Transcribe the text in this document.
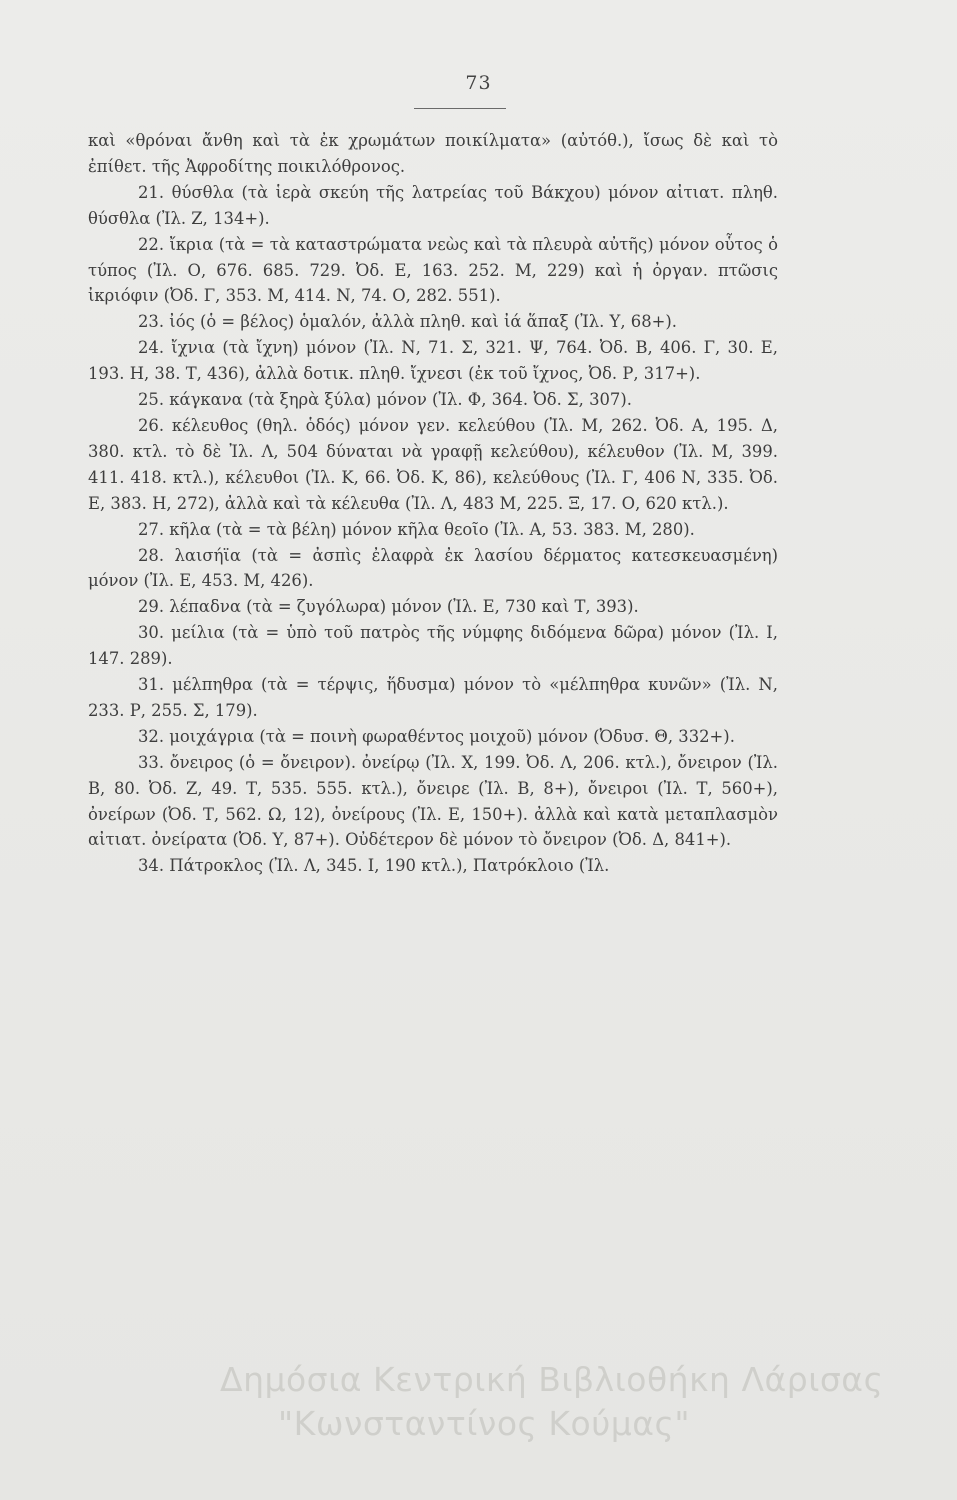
73

καὶ «θρόναι ἄνθη καὶ τὰ ἐκ χρωμάτων ποικίλματα» (αὐτόθ.), ἴσως δὲ καὶ τὸ ἐπίθετ. τῆς Ἀφροδίτης ποικιλόθρονος.

21. θύσθλα (τὰ ἱερὰ σκεύη τῆς λατρείας τοῦ Βάκχου) μόνον αἰτιατ. πληθ. θύσθλα (Ἰλ. Ζ, 134+).

22. ἴκρια (τὰ = τὰ καταστρώματα νεὼς καὶ τὰ πλευρὰ αὐτῆς) μόνον οὗτος ὁ τύπος (Ἰλ. Ο, 676. 685. 729. Ὀδ. Ε, 163. 252. Μ, 229) καὶ ἡ ὀργαν. πτῶσις ἰκριόφιν (Ὀδ. Γ, 353. Μ, 414. Ν, 74. Ο, 282. 551).

23. ἰός (ὁ = βέλος) ὁμαλόν, ἀλλὰ πληθ. καὶ ἰά ἅπαξ (Ἰλ. Υ, 68+).

24. ἴχνια (τὰ ἴχνη) μόνον (Ἰλ. Ν, 71. Σ, 321. Ψ, 764. Ὀδ. Β, 406. Γ, 30. Ε, 193. Η, 38. Τ, 436), ἀλλὰ δοτικ. πληθ. ἴχνεσι (ἐκ τοῦ ἴχνος, Ὀδ. Ρ, 317+).

25. κάγκανα (τὰ ξηρὰ ξύλα) μόνον (Ἰλ. Φ, 364. Ὀδ. Σ, 307).

26. κέλευθος (θηλ. ὁδός) μόνον γεν. κελεύθου (Ἰλ. Μ, 262. Ὀδ. Α, 195. Δ, 380. κτλ. τὸ δὲ Ἰλ. Λ, 504 δύναται νὰ γραφῇ κελεύθου), κέλευθον (Ἰλ. Μ, 399. 411. 418. κτλ.), κέλευθοι (Ἰλ. Κ, 66. Ὀδ. Κ, 86), κελεύθους (Ἰλ. Γ, 406 Ν, 335. Ὀδ. Ε, 383. Η, 272), ἀλλὰ καὶ τὰ κέλευθα (Ἰλ. Λ, 483 Μ, 225. Ξ, 17. Ο, 620 κτλ.).

27. κῆλα (τὰ = τὰ βέλη) μόνον κῆλα θεοῖο (Ἰλ. Α, 53. 383. Μ, 280).

28. λαισήϊα (τὰ = ἀσπὶς ἐλαφρὰ ἐκ λασίου δέρματος κατεσκευασμένη) μόνον (Ἰλ. Ε, 453. Μ, 426).

29. λέπαδνα (τὰ = ζυγόλωρα) μόνον (Ἰλ. Ε, 730 καὶ Τ, 393).

30. μείλια (τὰ = ὑπὸ τοῦ πατρὸς τῆς νύμφης διδόμενα δῶρα) μόνον (Ἰλ. Ι, 147. 289).

31. μέλπηθρα (τὰ = τέρψις, ἥδυσμα) μόνον τὸ «μέλπηθρα κυνῶν» (Ἰλ. Ν, 233. Ρ, 255. Σ, 179).

32. μοιχάγρια (τὰ = ποινὴ φωραθέντος μοιχοῦ) μόνον (Ὀδυσ. Θ, 332+).

33. ὄνειρος (ὁ = ὄνειρον). ὀνείρῳ (Ἰλ. Χ, 199. Ὀδ. Λ, 206. κτλ.), ὄνειρον (Ἰλ. Β, 80. Ὀδ. Ζ, 49. Τ, 535. 555. κτλ.), ὄνειρε (Ἰλ. Β, 8+), ὄνειροι (Ἰλ. Τ, 560+), ὀνείρων (Ὀδ. Τ, 562. Ω, 12), ὀνείρους (Ἰλ. Ε, 150+). ἀλλὰ καὶ κατὰ μεταπλασμὸν αἰτιατ. ὀνείρατα (Ὀδ. Υ, 87+). Οὐδέτερον δὲ μόνον τὸ ὄνειρον (Ὀδ. Δ, 841+).

34. Πάτροκλος (Ἰλ. Λ, 345. Ι, 190 κτλ.), Πατρόκλοιο (Ἰλ.

Δημόσια Κεντρική Βιβλιοθήκη Λάρισας
"Κωνσταντίνος Κούμας"
